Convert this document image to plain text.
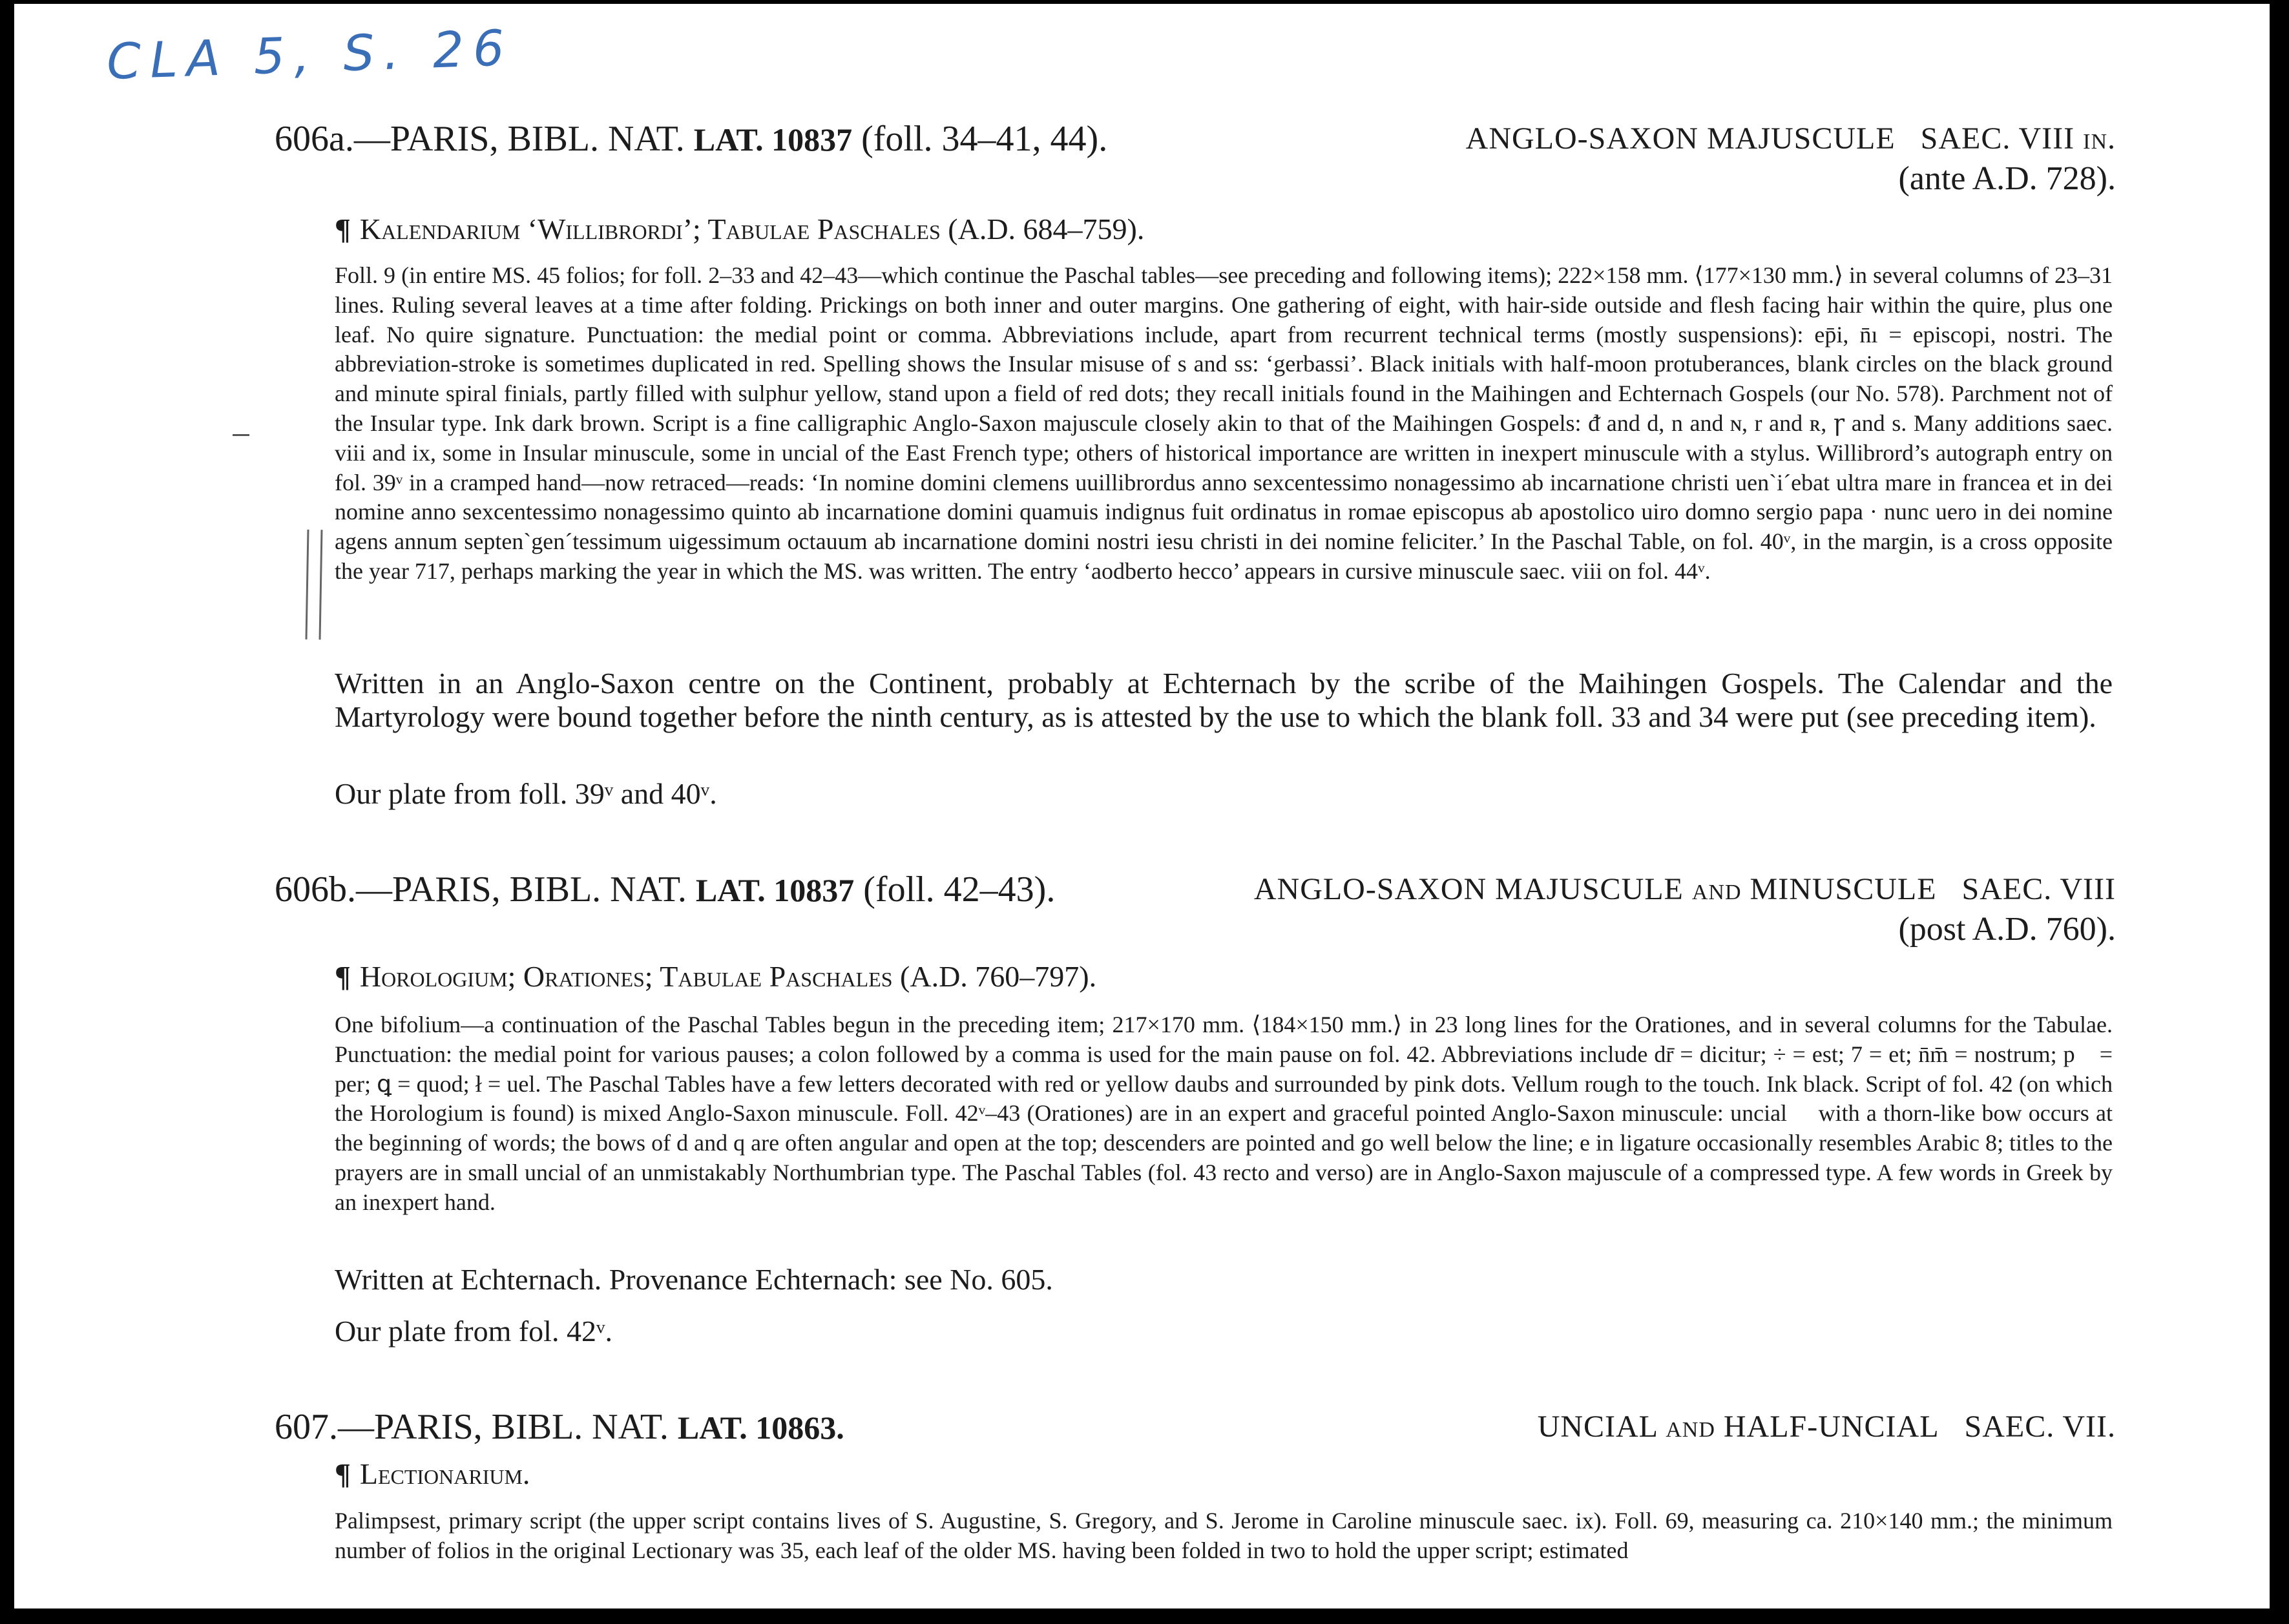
CLA 5, S. 26
606a.—PARIS, BIBL. NAT. LAT. 10837 (foll. 34–41, 44).	ANGLO-SAXON MAJUSCULE SAEC. VIII in.
(ante A.D. 728).
¶ Kalendarium ‘Willibrordi’; Tabulae Paschales (A.D. 684–759).

Foll. 9 (in entire MS. 45 folios; for foll. 2–33 and 42–43—which continue the Paschal tables—see preceding and following items); 222×158 mm. ⟨177×130 mm.⟩ in several columns of 23–31 lines. Ruling several leaves at a time after folding. Prickings on both inner and outer margins. One gathering of eight, with hair-side outside and flesh facing hair within the quire, plus one leaf. No quire signature. Punctuation: the medial point or comma. Abbreviations include, apart from recurrent technical terms (mostly suspensions): ep̄i, n̄ı = episcopi, nostri. The abbreviation-stroke is sometimes duplicated in red. Spelling shows the Insular misuse of s and ss: ‘gerbassi’. Black initials with half-moon protuberances, blank circles on the black ground and minute spiral finials, partly filled with sulphur yellow, stand upon a field of red dots; they recall initials found in the Maihingen and Echternach Gospels (our No. 578). Parchment not of the Insular type. Ink dark brown. Script is a fine calligraphic Anglo-Saxon majuscule closely akin to that of the Maihingen Gospels: ᵭ and d, n and ɴ, r and ʀ, ꞅ and s. Many additions saec. viii and ix, some in Insular minuscule, some in uncial of the East French type; others of historical importance are written in inexpert minuscule with a stylus. Willibrord’s autograph entry on fol. 39ᵛ in a cramped hand—now retraced—reads: ‘In nomine domini clemens uuillibrordus anno sexcentessimo nonagessimo ab incarnatione christi uen`i´ebat ultra mare in francea et in dei nomine anno sexcentessimo nonagessimo quinto ab incarnatione domini quamuis indignus fuit ordinatus in romae episcopus ab apostolico uiro domno sergio papa · nunc uero in dei nomine agens annum septen`gen´tessimum uigessimum octauum ab incarnatione domini nostri iesu christi in dei nomine feliciter.’ In the Paschal Table, on fol. 40ᵛ, in the margin, is a cross opposite the year 717, perhaps marking the year in which the MS. was written. The entry ‘aodberto hecco’ appears in cursive minuscule saec. viii on fol. 44ᵛ.

Written in an Anglo-Saxon centre on the Continent, probably at Echternach by the scribe of the Maihingen Gospels. The Calendar and the Martyrology were bound together before the ninth century, as is attested by the use to which the blank foll. 33 and 34 were put (see preceding item).

Our plate from foll. 39ᵛ and 40ᵛ.

606b.—PARIS, BIBL. NAT. LAT. 10837 (foll. 42–43).	ANGLO-SAXON MAJUSCULE and MINUSCULE SAEC. VIII
(post A.D. 760).
¶ Horologium; Orationes; Tabulae Paschales (A.D. 760–797).

One bifolium—a continuation of the Paschal Tables begun in the preceding item; 217×170 mm. ⟨184×150 mm.⟩ in 23 long lines for the Orationes, and in several columns for the Tabulae. Punctuation: the medial point for various pauses; a colon followed by a comma is used for the main pause on fol. 42. Abbreviations include dr̄ = dicitur; ÷ = est; 7 = et; n̄m̄ = nostrum; pᷓ = per; ꝗ = quod; ł = uel. The Paschal Tables have a few letters decorated with red or yellow daubs and surrounded by pink dots. Vellum rough to the touch. Ink black. Script of fol. 42 (on which the Horologium is found) is mixed Anglo-Saxon minuscule. Foll. 42ᵛ–43 (Orationes) are in an expert and graceful pointed Anglo-Saxon minuscule: uncial ꝺ with a thorn-like bow occurs at the beginning of words; the bows of d and q are often angular and open at the top; descenders are pointed and go well below the line; e in ligature occasionally resembles Arabic 8; titles to the prayers are in small uncial of an unmistakably Northumbrian type. The Paschal Tables (fol. 43 recto and verso) are in Anglo-Saxon majuscule of a compressed type. A few words in Greek by an inexpert hand.

Written at Echternach. Provenance Echternach: see No. 605.

Our plate from fol. 42ᵛ.

607.—PARIS, BIBL. NAT. LAT. 10863.	UNCIAL and HALF-UNCIAL SAEC. VII.
¶ Lectionarium.

Palimpsest, primary script (the upper script contains lives of S. Augustine, S. Gregory, and S. Jerome in Caroline minuscule saec. ix). Foll. 69, measuring ca. 210×140 mm.; the minimum number of folios in the original Lectionary was 35, each leaf of the older MS. having been folded in two to hold the upper script; estimated
